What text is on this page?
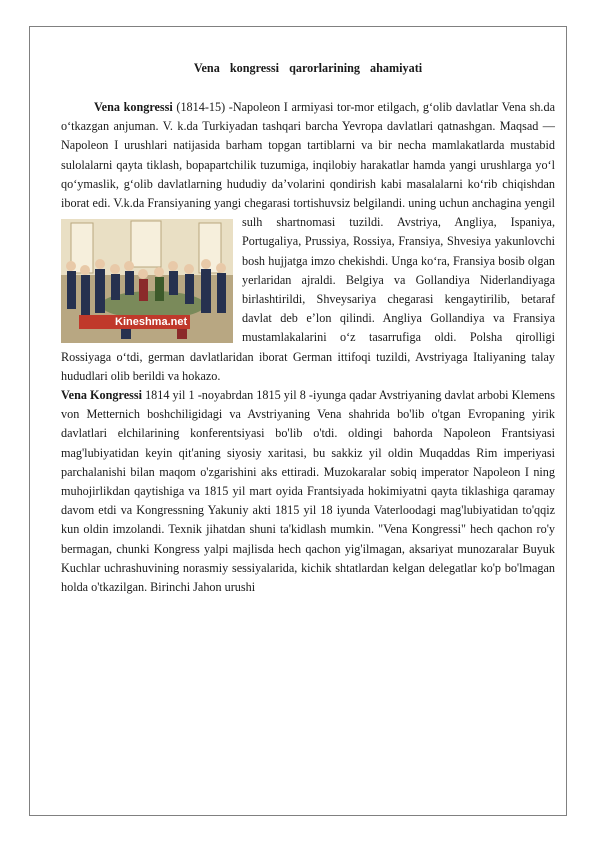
Vena kongressi qarorlarining ahamiyati

Vena kongressi (1814-15) -Napoleon I armiyasi tor-mor etilgach, g‘olib davlatlar Vena sh.da o‘tkazgan anjuman. V. k.da Turkiyadan tashqari barcha Yevropa davlatlari qatnashgan. Maqsad — Napoleon I urushlari natijasida barham topgan tartiblarni va bir necha mamlakatlarda mustabid sulolalarni qayta tiklash, bopapartchilik tuzumiga, inqilobiy harakatlar hamda yangi urushlarga yo‘l qo‘ymaslik, g‘olib davlatlarning hududiy da’volarini qondirish kabi masalalarni ko‘rib chiqishdan iborat edi. V.k.da Fransiyaning yangi chegarasi tortishuvsiz belgilandi. uning uchun anchagina yengil sulh
Kineshma.net
shartnomasi tuzildi. Avstriya, Angliya, Ispaniya, Portugaliya, Prussiya, Rossiya, Fransiya, Shvesiya yakunlovchi bosh hujjatga imzo chekishdi. Unga ko‘ra, Fransiya bosib olgan yerlaridan ajraldi. Belgiya va Gollandiya Niderlandiyaga birlashtirildi, Shveysariya chegarasi kengaytirilib, betaraf davlat deb e’lon qilindi. Angliya Gollandiya va Fransiya mustamlakalarini o‘z tasarrufiga oldi. Polsha qirolligi Rossiyaga o‘tdi, german davlatlaridan iborat German ittifoqi tuzildi, Avstriyaga Italiyaning talay hududlari olib berildi va hokazo.

Vena Kongressi 1814 yil 1 -noyabrdan 1815 yil 8 -iyunga qadar Avstriyaning davlat arbobi Klemens von Metternich boshchiligidagi va Avstriyaning Vena shahrida bo'lib o'tgan Evropaning yirik davlatlari elchilarining konferentsiyasi bo'lib o'tdi. oldingi bahorda Napoleon Frantsiyasi mag'lubiyatidan keyin qit'aning siyosiy xaritasi, bu sakkiz yil oldin Muqaddas Rim imperiyasi parchalanishi bilan maqom o'zgarishini aks ettiradi. Muzokaralar sobiq imperator Napoleon I ning muhojirlikdan qaytishiga va 1815 yil mart oyida Frantsiyada hokimiyatni qayta tiklashiga qaramay davom etdi va Kongressning Yakuniy akti 1815 yil 18 iyunda Vaterloodagi mag'lubiyatidan to'qqiz kun oldin imzolandi. Texnik jihatdan shuni ta'kidlash mumkin. "Vena Kongressi" hech qachon ro'y bermagan, chunki Kongress yalpi majlisda hech qachon yig'ilmagan, aksariyat munozaralar Buyuk Kuchlar uchrashuvining norasmiy sessiyalarida, kichik shtatlardan kelgan delegatlar ko'p bo'lmagan holda o'tkazilgan. Birinchi Jahon urushi
